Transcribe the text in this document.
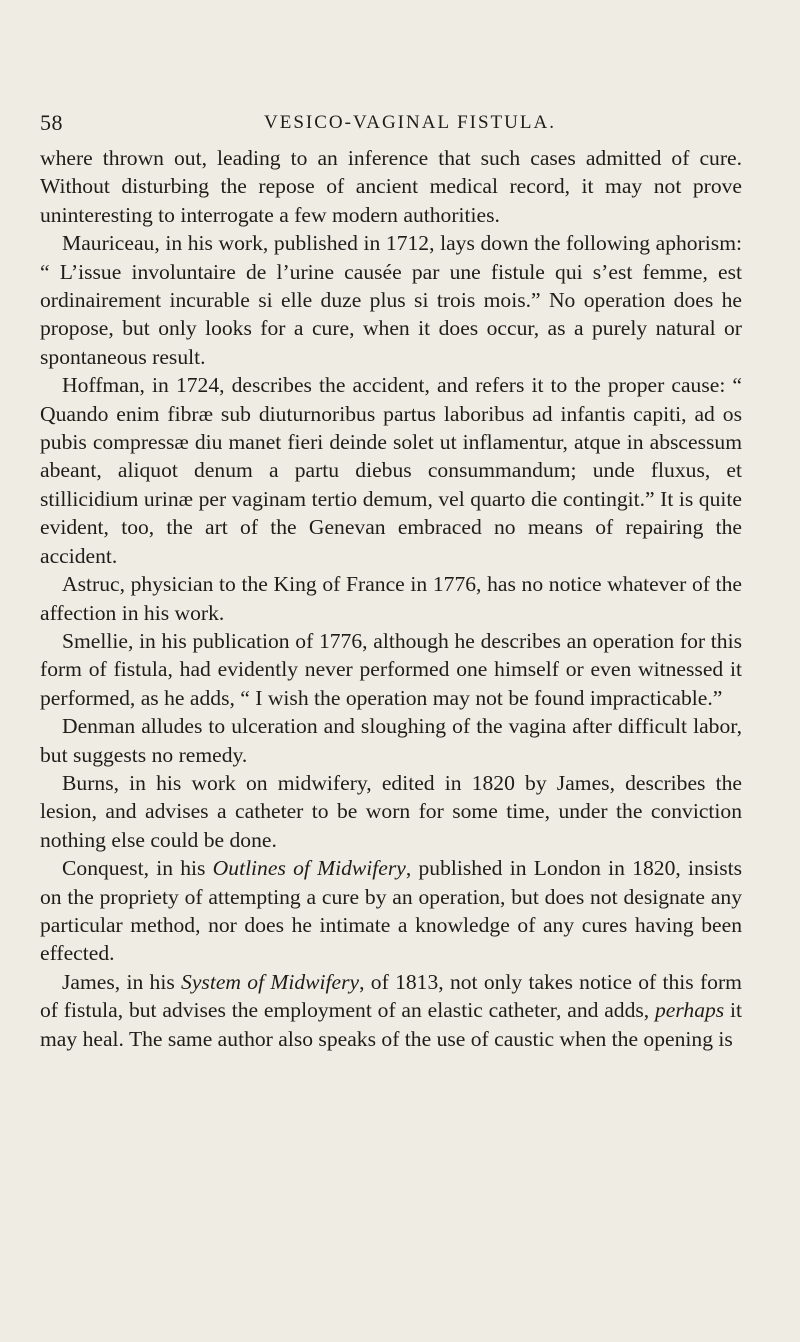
58	VESICO-VAGINAL FISTULA.

where thrown out, leading to an inference that such cases admitted of cure. Without disturbing the repose of ancient medical record, it may not prove uninteresting to interrogate a few modern authorities.

Mauriceau, in his work, published in 1712, lays down the following aphorism: “ L’issue involuntaire de l’urine causée par une fistule qui s’est femme, est ordinairement incurable si elle duze plus si trois mois.” No operation does he propose, but only looks for a cure, when it does occur, as a purely natural or spontaneous result.

Hoffman, in 1724, describes the accident, and refers it to the proper cause: “ Quando enim fibræ sub diuturnoribus partus laboribus ad infantis capiti, ad os pubis compressæ diu manet fieri deinde solet ut inflamentur, atque in abscessum abeant, aliquot denum a partu diebus consummandum; unde fluxus, et stillicidium urinæ per vaginam tertio demum, vel quarto die contingit.” It is quite evident, too, the art of the Genevan embraced no means of repairing the accident.

Astruc, physician to the King of France in 1776, has no notice whatever of the affection in his work.

Smellie, in his publication of 1776, although he describes an operation for this form of fistula, had evidently never performed one himself or even witnessed it performed, as he adds, “ I wish the operation may not be found impracticable.”

Denman alludes to ulceration and sloughing of the vagina after difficult labor, but suggests no remedy.

Burns, in his work on midwifery, edited in 1820 by James, describes the lesion, and advises a catheter to be worn for some time, under the conviction nothing else could be done.

Conquest, in his Outlines of Midwifery, published in London in 1820, insists on the propriety of attempting a cure by an operation, but does not designate any particular method, nor does he intimate a knowledge of any cures having been effected.

James, in his System of Midwifery, of 1813, not only takes notice of this form of fistula, but advises the employment of an elastic catheter, and adds, perhaps it may heal. The same author also speaks of the use of caustic when the opening is
